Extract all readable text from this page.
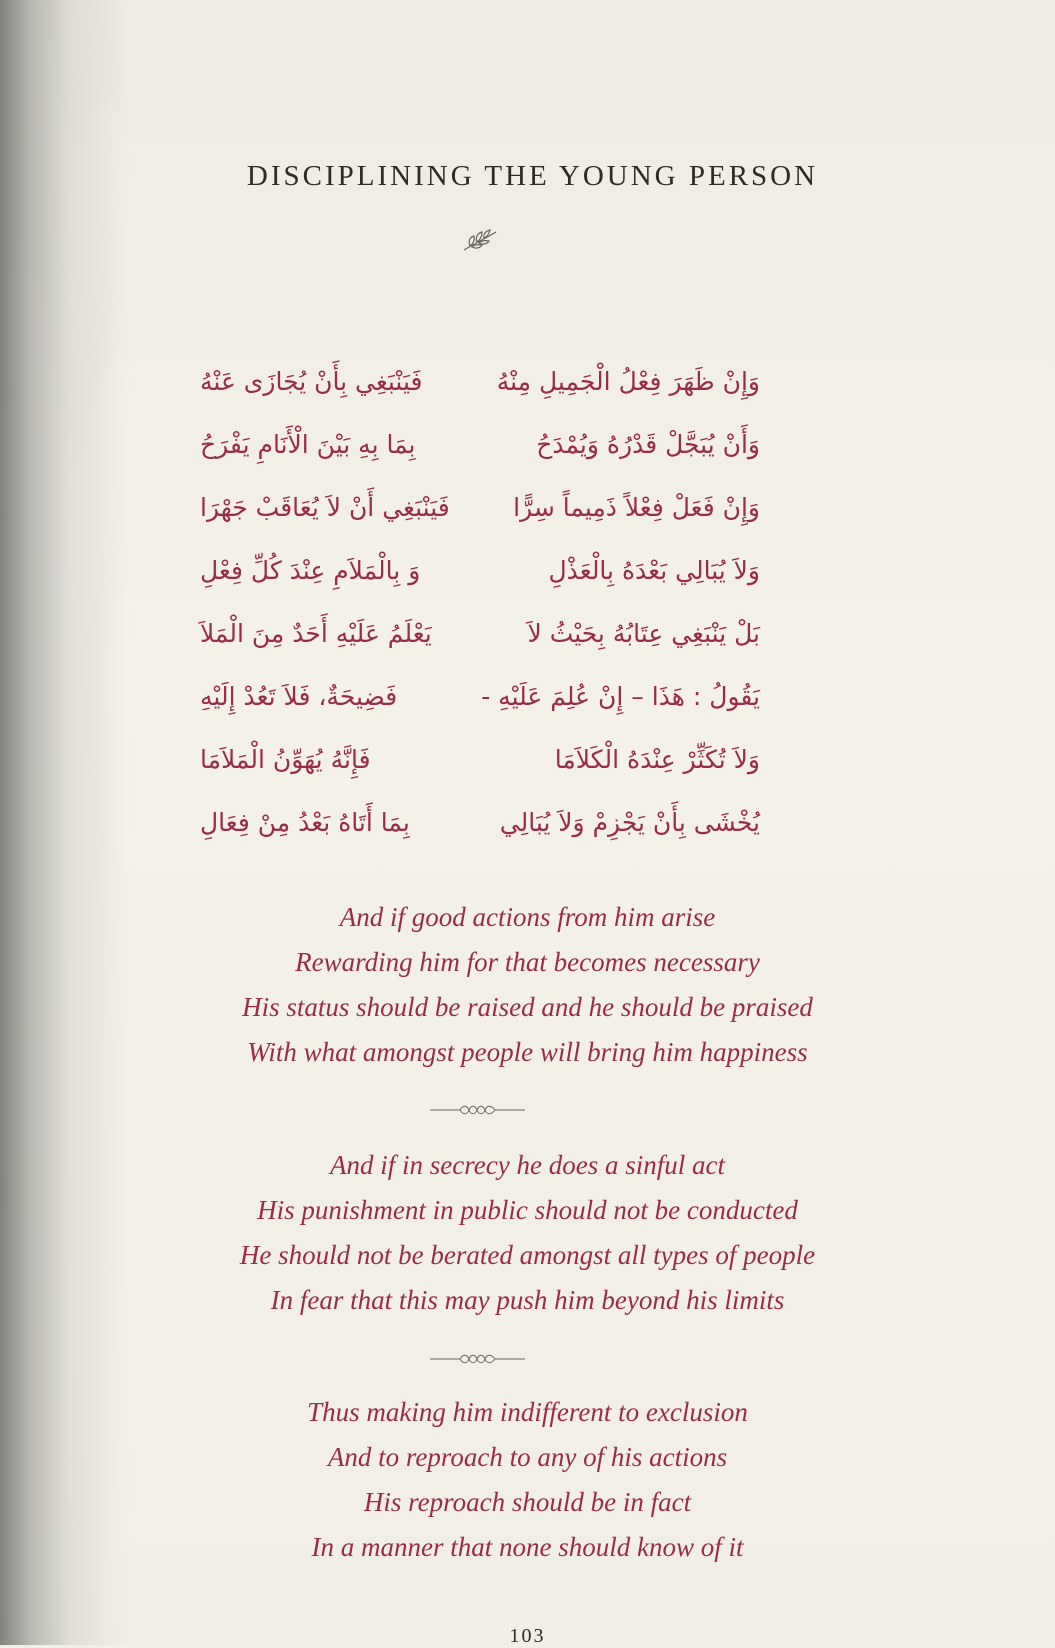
DISCIPLINING THE YOUNG PERSON
وَإِنْ ظَهَرَ فِعْلُ الْجَمِيلِ مِنْهُ
فَيَنْبَغِي بِأَنْ يُجَازَى عَنْهُ
وَأَنْ يُبَجَّلْ قَدْرُهُ وَيُمْدَحُ
بِمَا بِهِ بَيْنَ الْأَنَامِ يَفْرَحُ
وَإِنْ فَعَلْ فِعْلاً ذَمِيماً سِرًّا
فَيَنْبَغِي أَنْ لاَ يُعَاقَبْ جَهْرَا
وَلاَ يُبَالِي بَعْدَهُ بِالْعَذْلِ
وَ بِالْمَلاَمِ عِنْدَ كُلِّ فِعْلِ
بَلْ يَنْبَغِي عِتَابُهُ بِحَيْثُ لاَ
يَعْلَمُ عَلَيْهِ أَحَدٌ مِنَ الْمَلاَ
يَقُولُ : هَذَا – إِنْ عُلِمَ عَلَيْهِ -
فَضِيحَةٌ، فَلاَ تَعُدْ إِلَيْهِ
وَلاَ تُكَثِّرْ عِنْدَهُ الْكَلاَمَا
فَإِنَّهُ يُهَوِّنُ الْمَلاَمَا
يُخْشَى بِأَنْ يَجْزِمْ وَلاَ يُبَالِي
بِمَا أَتَاهُ بَعْدُ مِنْ فِعَالِ
And if good actions from him arise
Rewarding him for that becomes necessary
His status should be raised and he should be praised
With what amongst people will bring him happiness
And if in secrecy he does a sinful act
His punishment in public should not be conducted
He should not be berated amongst all types of people
In fear that this may push him beyond his limits
Thus making him indifferent to exclusion
And to reproach to any of his actions
His reproach should be in fact
In a manner that none should know of it
103
